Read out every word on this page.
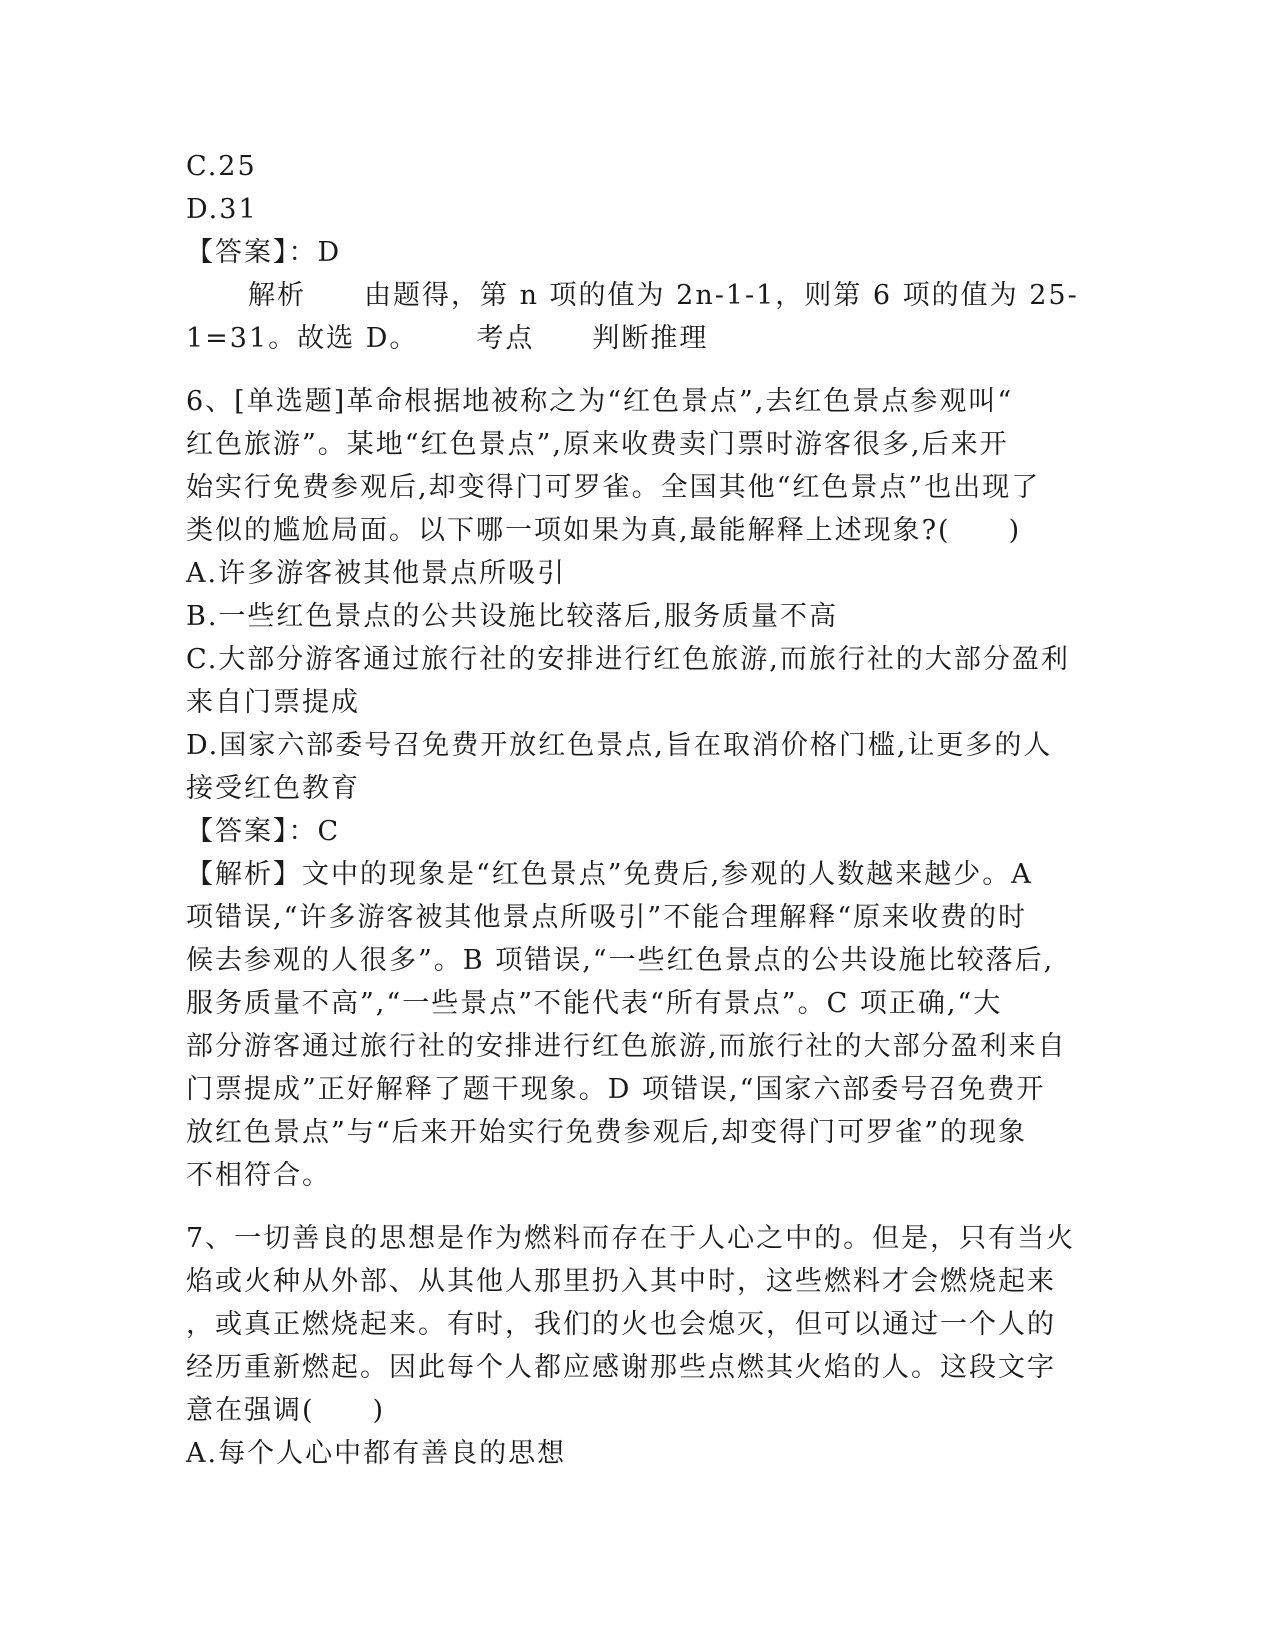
C.25
D.31
【答案】：D
解析 由题得，第 n 项的值为 2n-1-1，则第 6 项的值为 25-
1=31。故选 D。 考点 判断推理
6、[单选题]革命根据地被称之为“红色景点”,去红色景点参观叫“
红色旅游”。某地“红色景点”,原来收费卖门票时游客很多,后来开
始实行免费参观后,却变得门可罗雀。全国其他“红色景点”也出现了
类似的尴尬局面。以下哪一项如果为真,最能解释上述现象?(　　)
A.许多游客被其他景点所吸引
B.一些红色景点的公共设施比较落后,服务质量不高
C.大部分游客通过旅行社的安排进行红色旅游,而旅行社的大部分盈利
来自门票提成
D.国家六部委号召免费开放红色景点,旨在取消价格门槛,让更多的人
接受红色教育
【答案】：C
【解析】文中的现象是“红色景点”免费后,参观的人数越来越少。A
项错误,“许多游客被其他景点所吸引”不能合理解释“原来收费的时
候去参观的人很多”。B 项错误,“一些红色景点的公共设施比较落后,
服务质量不高”,“一些景点”不能代表“所有景点”。C 项正确,“大
部分游客通过旅行社的安排进行红色旅游,而旅行社的大部分盈利来自
门票提成”正好解释了题干现象。D 项错误,“国家六部委号召免费开
放红色景点”与“后来开始实行免费参观后,却变得门可罗雀”的现象
不相符合。
7、一切善良的思想是作为燃料而存在于人心之中的。但是，只有当火
焰或火种从外部、从其他人那里扔入其中时，这些燃料才会燃烧起来
，或真正燃烧起来。有时，我们的火也会熄灭，但可以通过一个人的
经历重新燃起。因此每个人都应感谢那些点燃其火焰的人。这段文字
意在强调(　　)
A.每个人心中都有善良的思想
